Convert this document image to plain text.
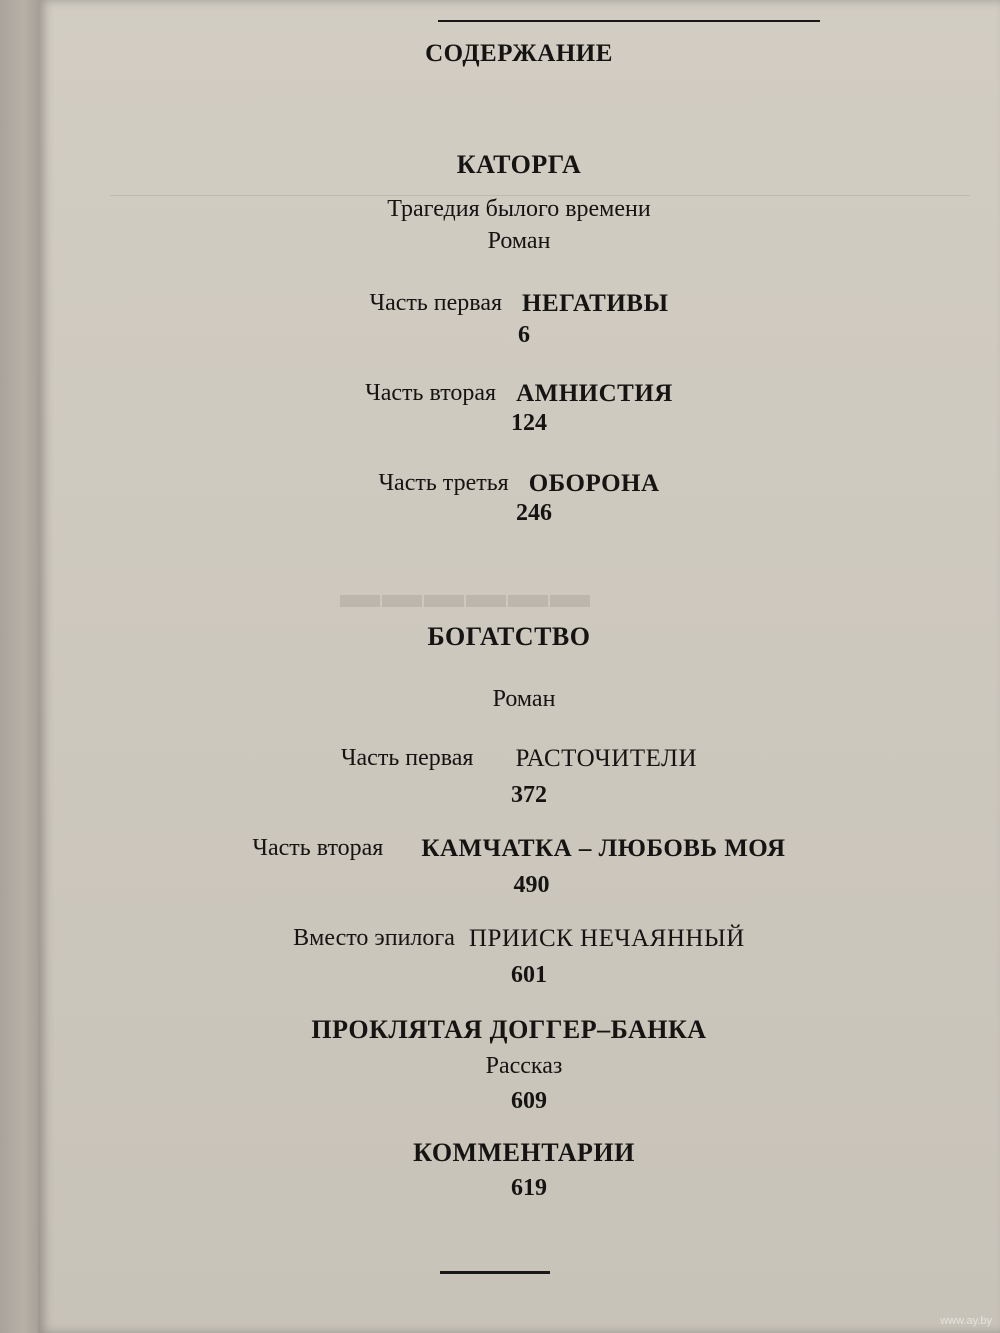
▬▬▬▬▬▬
СОДЕРЖАНИЕ
КАТОРГА
Трагедия былого времени
Роман
Часть первая НЕГАТИВЫ
6
Часть вторая АМНИСТИЯ
124
Часть третья ОБОРОНА
246
БОГАТСТВО
Роман
Часть первая РАСТОЧИТЕЛИ
372
Часть вторая КАМЧАТКА – ЛЮБОВЬ МОЯ
490
Вместо эпилога ПРИИСК НЕЧАЯННЫЙ
601
ПРОКЛЯТАЯ ДОГГЕР–БАНКА
Рассказ
609
КОММЕНТАРИИ
619
www.ay.by
